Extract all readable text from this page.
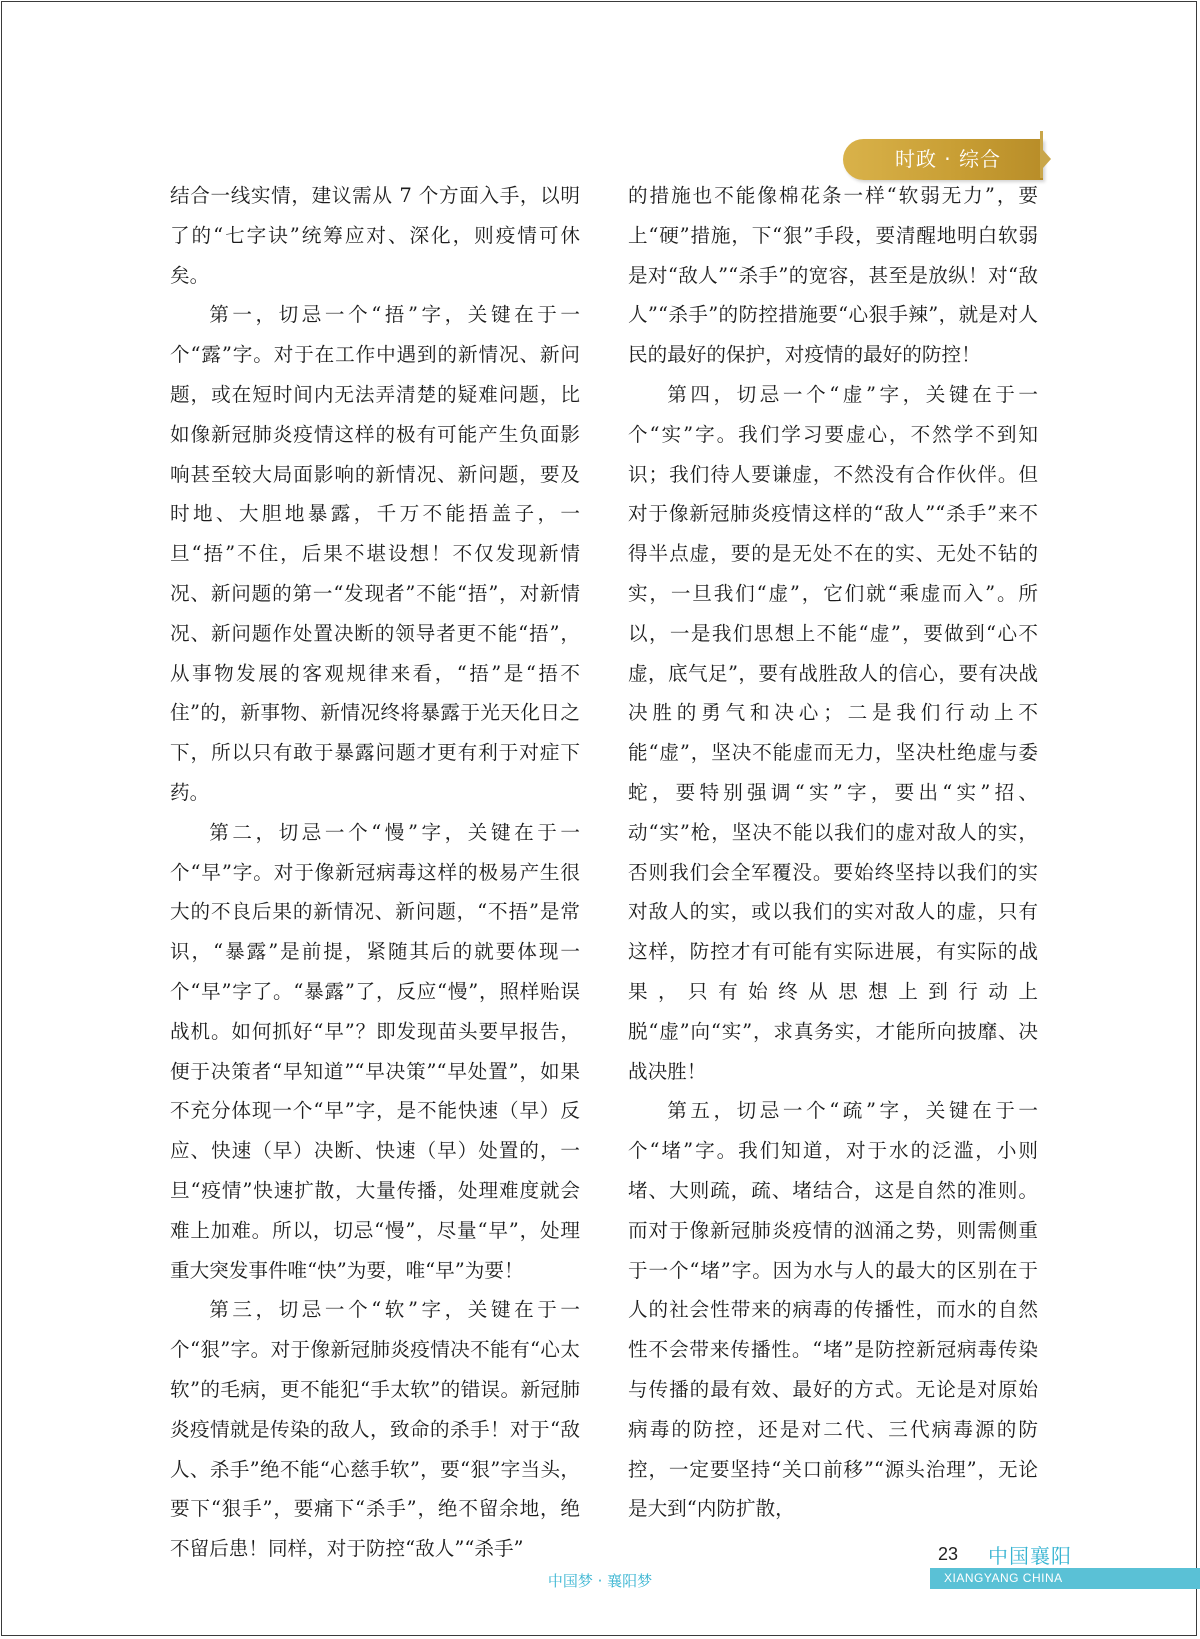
时政 · 综合

结合一线实情，建议需从 7 个方面入手，以明了的“七字诀”统筹应对、深化，则疫情可休矣。

第一，切忌一个“捂”字，关键在于一个“露”字。对于在工作中遇到的新情况、新问题，或在短时间内无法弄清楚的疑难问题，比如像新冠肺炎疫情这样的极有可能产生负面影响甚至较大局面影响的新情况、新问题，要及时地、大胆地暴露，千万不能捂盖子，一旦“捂”不住，后果不堪设想！不仅发现新情况、新问题的第一“发现者”不能“捂”，对新情况、新问题作处置决断的领导者更不能“捂”，从事物发展的客观规律来看，“捂”是“捂不住”的，新事物、新情况终将暴露于光天化日之下，所以只有敢于暴露问题才更有利于对症下药。

第二，切忌一个“慢”字，关键在于一个“早”字。对于像新冠病毒这样的极易产生很大的不良后果的新情况、新问题，“不捂”是常识，“暴露”是前提，紧随其后的就要体现一个“早”字了。“暴露”了，反应“慢”，照样贻误战机。如何抓好“早”？即发现苗头要早报告，便于决策者“早知道”“早决策”“早处置”，如果不充分体现一个“早”字，是不能快速（早）反应、快速（早）决断、快速（早）处置的，一旦“疫情”快速扩散，大量传播，处理难度就会难上加难。所以，切忌“慢”，尽量“早”，处理重大突发事件唯“快”为要，唯“早”为要！

第三，切忌一个“软”字，关键在于一个“狠”字。对于像新冠肺炎疫情决不能有“心太软”的毛病，更不能犯“手太软”的错误。新冠肺炎疫情就是传染的敌人，致命的杀手！对于“敌人、杀手”绝不能“心慈手软”，要“狠”字当头，要下“狠手”，要痛下“杀手”，绝不留余地，绝不留后患！同样，对于防控“敌人”“杀手”

的措施也不能像棉花条一样“软弱无力”，要上“硬”措施，下“狠”手段，要清醒地明白软弱是对“敌人”“杀手”的宽容，甚至是放纵！对“敌人”“杀手”的防控措施要“心狠手辣”，就是对人民的最好的保护，对疫情的最好的防控！

第四，切忌一个“虚”字，关键在于一个“实”字。我们学习要虚心，不然学不到知识；我们待人要谦虚，不然没有合作伙伴。但对于像新冠肺炎疫情这样的“敌人”“杀手”来不得半点虚，要的是无处不在的实、无处不钻的实，一旦我们“虚”，它们就“乘虚而入”。所以，一是我们思想上不能“虚”，要做到“心不虚，底气足”，要有战胜敌人的信心，要有决战决胜的勇气和决心；二是我们行动上不能“虚”，坚决不能虚而无力，坚决杜绝虚与委蛇，要特别强调“实”字，要出“实”招、动“实”枪，坚决不能以我们的虚对敌人的实，否则我们会全军覆没。要始终坚持以我们的实对敌人的实，或以我们的实对敌人的虚，只有这样，防控才有可能有实际进展，有实际的战果，只有始终从思想上到行动上脱“虚”向“实”，求真务实，才能所向披靡、决战决胜！

第五，切忌一个“疏”字，关键在于一个“堵”字。我们知道，对于水的泛滥，小则堵、大则疏，疏、堵结合，这是自然的准则。而对于像新冠肺炎疫情的汹涌之势，则需侧重于一个“堵”字。因为水与人的最大的区别在于人的社会性带来的病毒的传播性，而水的自然性不会带来传播性。“堵”是防控新冠病毒传染与传播的最有效、最好的方式。无论是对原始病毒的防控，还是对二代、三代病毒源的防控，一定要坚持“关口前移”“源头治理”，无论是大到“内防扩散，

23 中国襄阳
XIANGYANG CHINA
中国梦 · 襄阳梦
